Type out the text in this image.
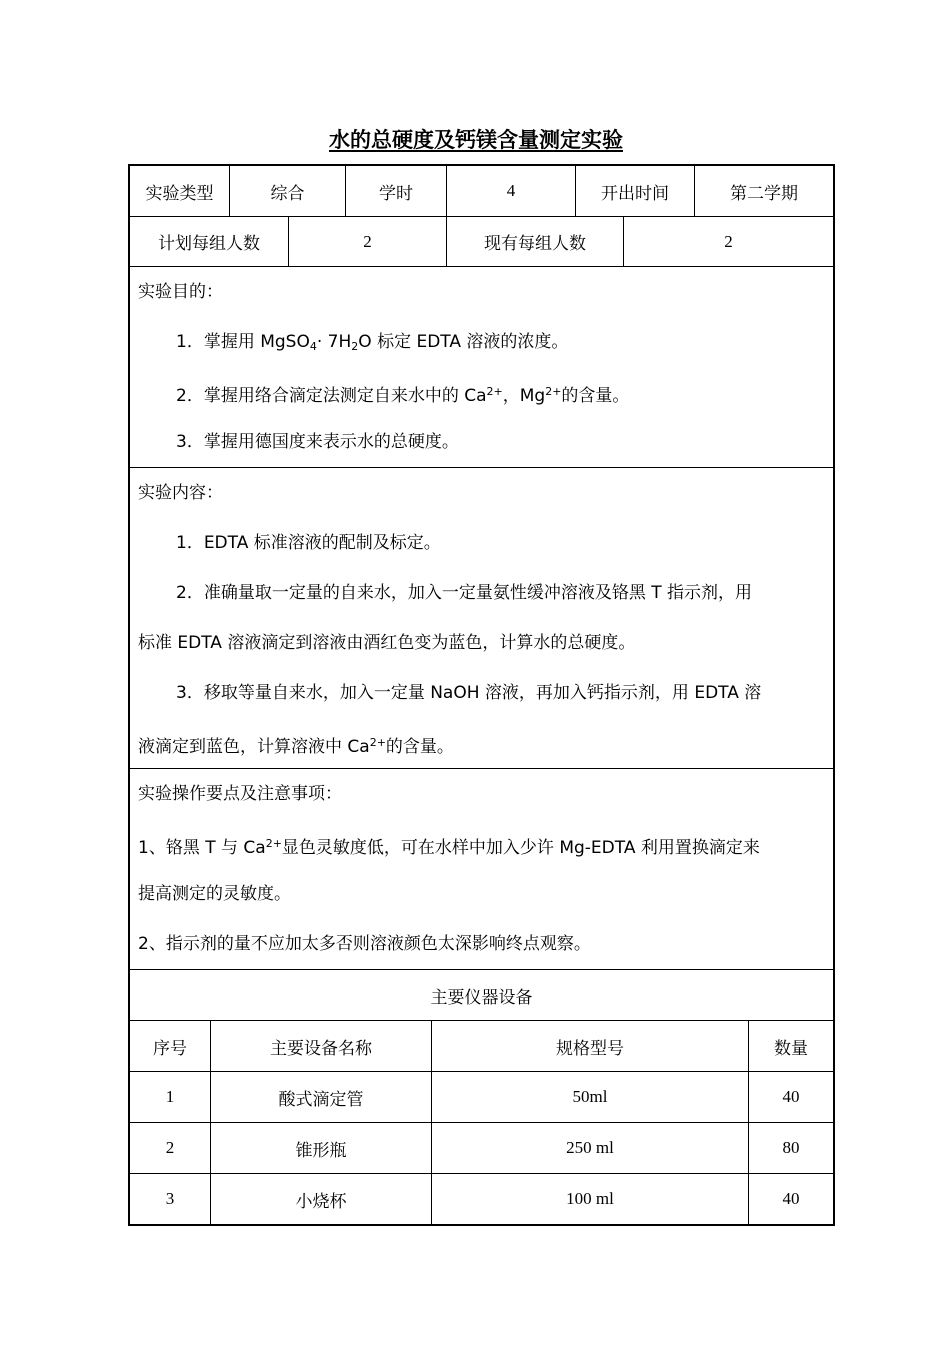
水的总硬度及钙镁含量测定实验
实验类型	综合	学时	4	开出时间	第二学期
计划每组人数	2	现有每组人数	2
实验目的：
1．掌握用 MgSO$_4$· $7H_2O$ 标定 EDTA 溶液的浓度。
2．掌握用络合滴定法测定自来水中的 $Ca^{2+}$，$Mg^{2+}$的含量。
3．掌握用德国度来表示水的总硬度。
实验内容：
1．EDTA 标准溶液的配制及标定。
2．准确量取一定量的自来水，加入一定量氨性缓冲溶液及铬黑 T 指示剂，用
标准 EDTA 溶液滴定到溶液由酒红色变为蓝色，计算水的总硬度。
3．移取等量自来水，加入一定量 NaOH 溶液，再加入钙指示剂，用 EDTA 溶
液滴定到蓝色，计算溶液中 $Ca^{2+}$的含量。
实验操作要点及注意事项：
1、铬黑 T 与 $Ca^{2+}$显色灵敏度低，可在水样中加入少许 Mg-EDTA 利用置换滴定来
提高测定的灵敏度。
2、指示剂的量不应加太多否则溶液颜色太深影响终点观察。
主要仪器设备
序号	主要设备名称	规格型号	数量
1	酸式滴定管	50ml	40
2	锥形瓶	250 ml	80
3	小烧杯	100 ml	40
